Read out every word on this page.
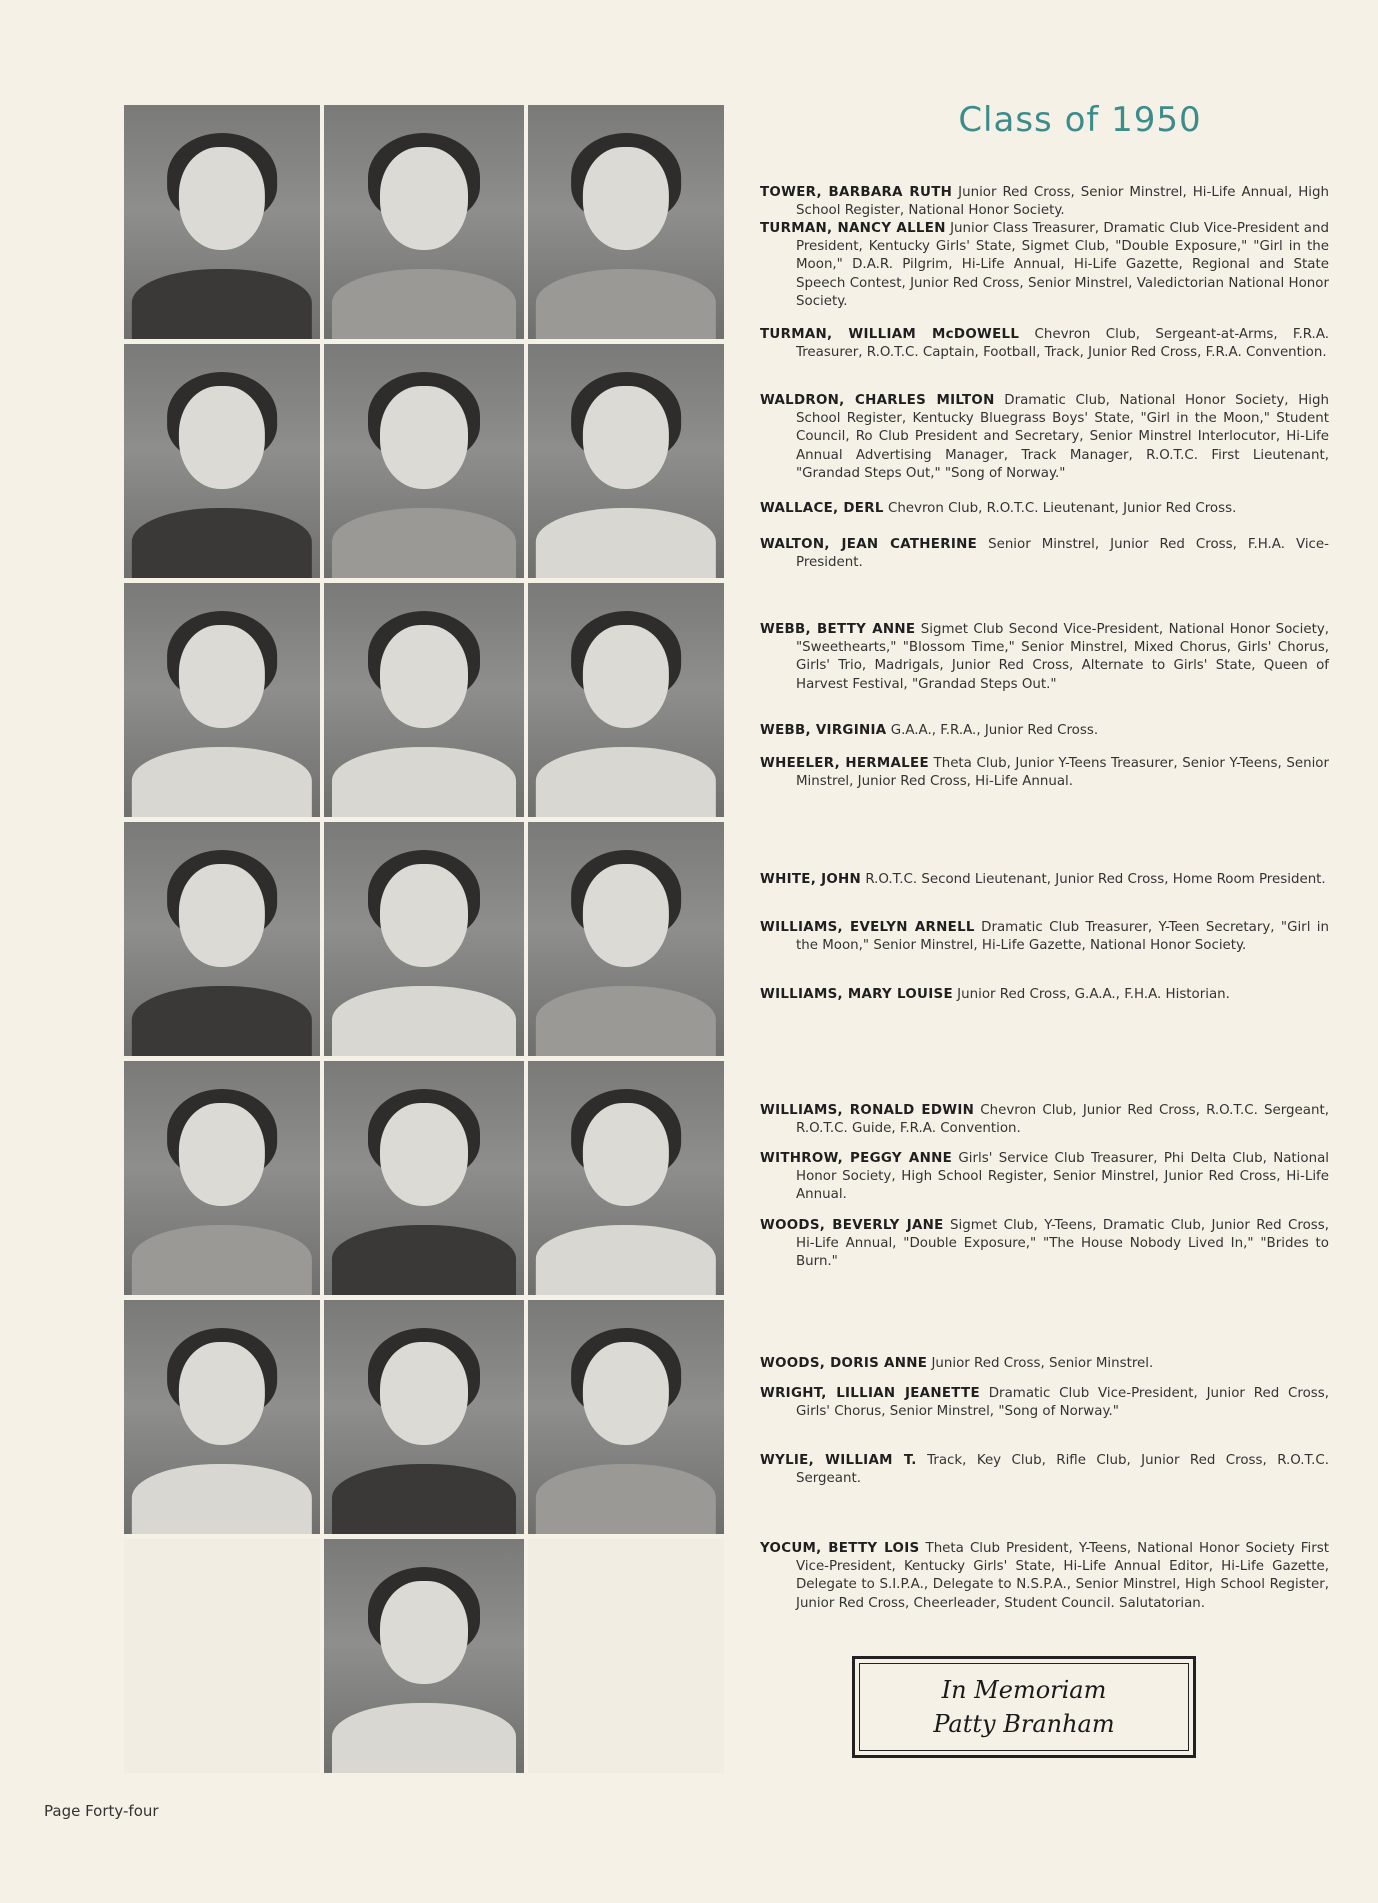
Class of 1950
TOWER, BARBARA RUTH Junior Red Cross, Senior Minstrel, Hi-Life Annual, High School Register, National Honor Society.
TURMAN, NANCY ALLEN Junior Class Treasurer, Dramatic Club Vice-President and President, Kentucky Girls' State, Sigmet Club, "Double Exposure," "Girl in the Moon," D.A.R. Pilgrim, Hi-Life Annual, Hi-Life Gazette, Regional and State Speech Contest, Junior Red Cross, Senior Minstrel, Valedictorian National Honor Society.
TURMAN, WILLIAM McDOWELL Chevron Club, Sergeant-at-Arms, F.R.A. Treasurer, R.O.T.C. Captain, Football, Track, Junior Red Cross, F.R.A. Convention.
WALDRON, CHARLES MILTON Dramatic Club, National Honor Society, High School Register, Kentucky Bluegrass Boys' State, "Girl in the Moon," Student Council, Ro Club President and Secretary, Senior Minstrel Interlocutor, Hi-Life Annual Advertising Manager, Track Manager, R.O.T.C. First Lieutenant, "Grandad Steps Out," "Song of Norway."
WALLACE, DERL Chevron Club, R.O.T.C. Lieutenant, Junior Red Cross.
WALTON, JEAN CATHERINE Senior Minstrel, Junior Red Cross, F.H.A. Vice-President.
WEBB, BETTY ANNE Sigmet Club Second Vice-President, National Honor Society, "Sweethearts," "Blossom Time," Senior Minstrel, Mixed Chorus, Girls' Chorus, Girls' Trio, Madrigals, Junior Red Cross, Alternate to Girls' State, Queen of Harvest Festival, "Grandad Steps Out."
WEBB, VIRGINIA G.A.A., F.R.A., Junior Red Cross.
WHEELER, HERMALEE Theta Club, Junior Y-Teens Treasurer, Senior Y-Teens, Senior Minstrel, Junior Red Cross, Hi-Life Annual.
WHITE, JOHN R.O.T.C. Second Lieutenant, Junior Red Cross, Home Room President.
WILLIAMS, EVELYN ARNELL Dramatic Club Treasurer, Y-Teen Secretary, "Girl in the Moon," Senior Minstrel, Hi-Life Gazette, National Honor Society.
WILLIAMS, MARY LOUISE Junior Red Cross, G.A.A., F.H.A. Historian.
WILLIAMS, RONALD EDWIN Chevron Club, Junior Red Cross, R.O.T.C. Sergeant, R.O.T.C. Guide, F.R.A. Convention.
WITHROW, PEGGY ANNE Girls' Service Club Treasurer, Phi Delta Club, National Honor Society, High School Register, Senior Minstrel, Junior Red Cross, Hi-Life Annual.
WOODS, BEVERLY JANE Sigmet Club, Y-Teens, Dramatic Club, Junior Red Cross, Hi-Life Annual, "Double Exposure," "The House Nobody Lived In," "Brides to Burn."
WOODS, DORIS ANNE Junior Red Cross, Senior Minstrel.
WRIGHT, LILLIAN JEANETTE Dramatic Club Vice-President, Junior Red Cross, Girls' Chorus, Senior Minstrel, "Song of Norway."
WYLIE, WILLIAM T. Track, Key Club, Rifle Club, Junior Red Cross, R.O.T.C. Sergeant.
YOCUM, BETTY LOIS Theta Club President, Y-Teens, National Honor Society First Vice-President, Kentucky Girls' State, Hi-Life Annual Editor, Hi-Life Gazette, Delegate to S.I.P.A., Delegate to N.S.P.A., Senior Minstrel, High School Register, Junior Red Cross, Cheerleader, Student Council. Salutatorian.
In Memoriam
Patty Branham
Page Forty-four
